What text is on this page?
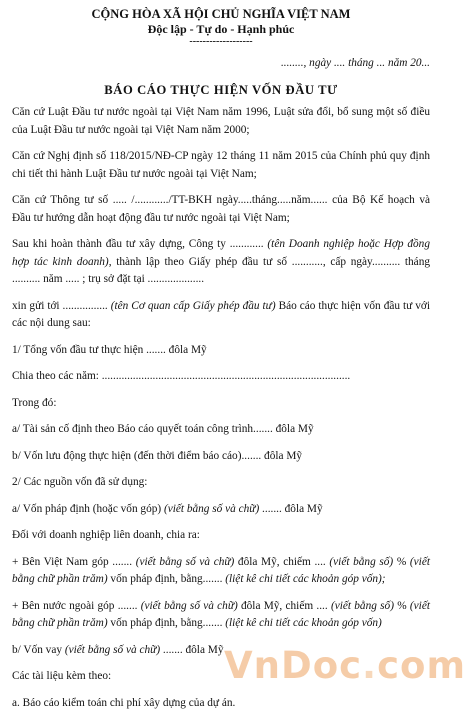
CỘNG HÒA XÃ HỘI CHỦ NGHĨA VIỆT NAM
Độc lập - Tự do - Hạnh phúc
-------------------
........, ngày .... tháng ... năm 20...
BÁO CÁO THỰC HIỆN VỐN ĐẦU TƯ

Căn cứ Luật Đầu tư nước ngoài tại Việt Nam năm 1996, Luật sửa đổi, bổ sung một số điều của Luật Đầu tư nước ngoài tại Việt Nam năm 2000;

Căn cứ Nghị định số 118/2015/NĐ-CP ngày 12 tháng 11 năm 2015 của Chính phủ quy định chi tiết thi hành Luật Đầu tư nước ngoài tại Việt Nam;

Căn cứ Thông tư số ..... /............/TT-BKH ngày.....tháng.....năm...... của Bộ Kế hoạch và Đầu tư hướng dẫn hoạt động đầu tư nước ngoài tại Việt Nam;

Sau khi hoàn thành đầu tư xây dựng, Công ty ............ (tên Doanh nghiệp hoặc Hợp đồng hợp tác kinh doanh), thành lập theo Giấy phép đầu tư số ..........., cấp ngày.......... tháng .......... năm ..... ; trụ sở đặt tại ....................

xin gửi tới ................ (tên Cơ quan cấp Giấy phép đầu tư) Báo cáo thực hiện vốn đầu tư với các nội dung sau:

1/ Tổng vốn đầu tư thực hiện ....... đôla Mỹ

Chia theo các năm: ........................................................................................

Trong đó:

a/ Tài sản cố định theo Báo cáo quyết toán công trình....... đôla Mỹ

b/ Vốn lưu động thực hiện (đến thời điểm báo cáo)....... đôla Mỹ

2/ Các nguồn vốn đã sử dụng:

a/ Vốn pháp định (hoặc vốn góp) (viết bằng số và chữ) ....... đôla Mỹ

Đối với doanh nghiệp liên doanh, chia ra:

+ Bên Việt Nam góp ....... (viết bằng số và chữ) đôla Mỹ, chiếm .... (viết bằng số) % (viết bằng chữ phần trăm) vốn pháp định, bằng....... (liệt kê chi tiết các khoản góp vốn);

+ Bên nước ngoài góp ....... (viết bằng số và chữ) đôla Mỹ, chiếm .... (viết bằng số) % (viết bằng chữ phần trăm) vốn pháp định, bằng....... (liệt kê chi tiết các khoản góp vốn)

b/ Vốn vay (viết bằng số và chữ) ....... đôla Mỹ

Các tài liệu kèm theo:

a. Báo cáo kiểm toán chi phí xây dựng của dự án.

VnDoc.com
